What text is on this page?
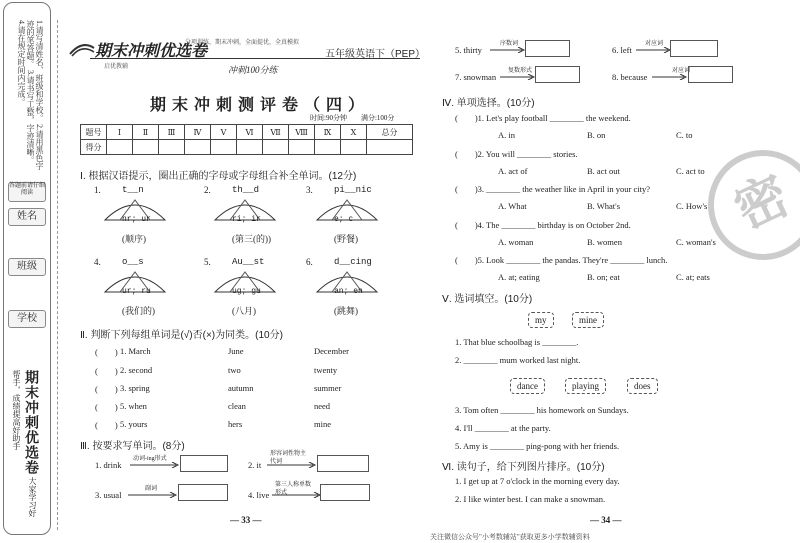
1.请写清姓名、班级和学校。 2.请用黑色字迹的笔答题。 3.请书写工整，字迹清晰。 4.请在规定时间内完成。
答题前请仔细阅读
姓名
班级
学校
期末冲刺优选卷 大家学习好帮手，成绩提高好助手
期末冲刺优选卷
分项训练，期末冲刺，全面提优，全真模拟
五年级英语下（PEP）
启优教辅	冲刺100分练
期末冲刺测评卷（四）
时间:90分钟　　满分:100分
题号	Ⅰ	Ⅱ	Ⅲ	Ⅳ	Ⅴ	Ⅵ	Ⅶ	Ⅷ	Ⅸ	Ⅹ	总分
得分											
Ⅰ. 根据汉语提示，圈出正确的字母或字母组合补全单词。(12分)
1. t__n
nr; ur
(顺序)
2. th__d
ri; ir
(第三(的))
3. pi__nic
e; c
(野餐)
4. o__s
ur; ru
(我们的)
5. Au__st
ug; gu
(八月)
6. d__cing
an; en
(跳舞)
Ⅱ. 判断下列每组单词是(√)否(×)为同类。(10分)
(　　) 1. March	June	December
(　　) 2. second	two	twenty
(　　) 3. spring	autumn	summer
(　　) 5. when	clean	need
(　　) 5. yours	hers	mine
Ⅲ. 按要求写单词。(8分)
1. drink
动词-ing形式
2. it
形容词性物主代词
3. usual
副词
4. live
第三人称单数形式
— 33 —
5. thirty
序数词
6. left
对应词
7. snowman
复数形式
8. because
对应词
Ⅳ. 单项选择。(10分)
(　　)1. Let's play football ________ the weekend.
A. in	B. on	C. to
(　　)2. You will ________ stories.
A. act of	B. act out	C. act to
(　　)3. ________ the weather like in April in your city?
A. What	B. What's	C. How's
(　　)4. The ________ birthday is on October 2nd.
A. woman	B. women	C. woman's
(　　)5. Look ________ the pandas. They're ________ lunch.
A. at; eating	B. on; eat	C. at; eats
密
Ⅴ. 选词填空。(10分)
my	mine
1. That blue schoolbag is ________.
2. ________ mum worked last night.
dance	playing	does
3. Tom often ________ his homework on Sundays.
4. I'll ________ at the party.
5. Amy is ________ ping-pong with her friends.
Ⅵ. 读句子，给下列图片排序。(10分)
1. I get up at 7 o'clock in the morning every day.
2. I like winter best. I can make a snowman.
— 34 —
关注微信公众号"小考数辅站"获取更多小学数辅资料
